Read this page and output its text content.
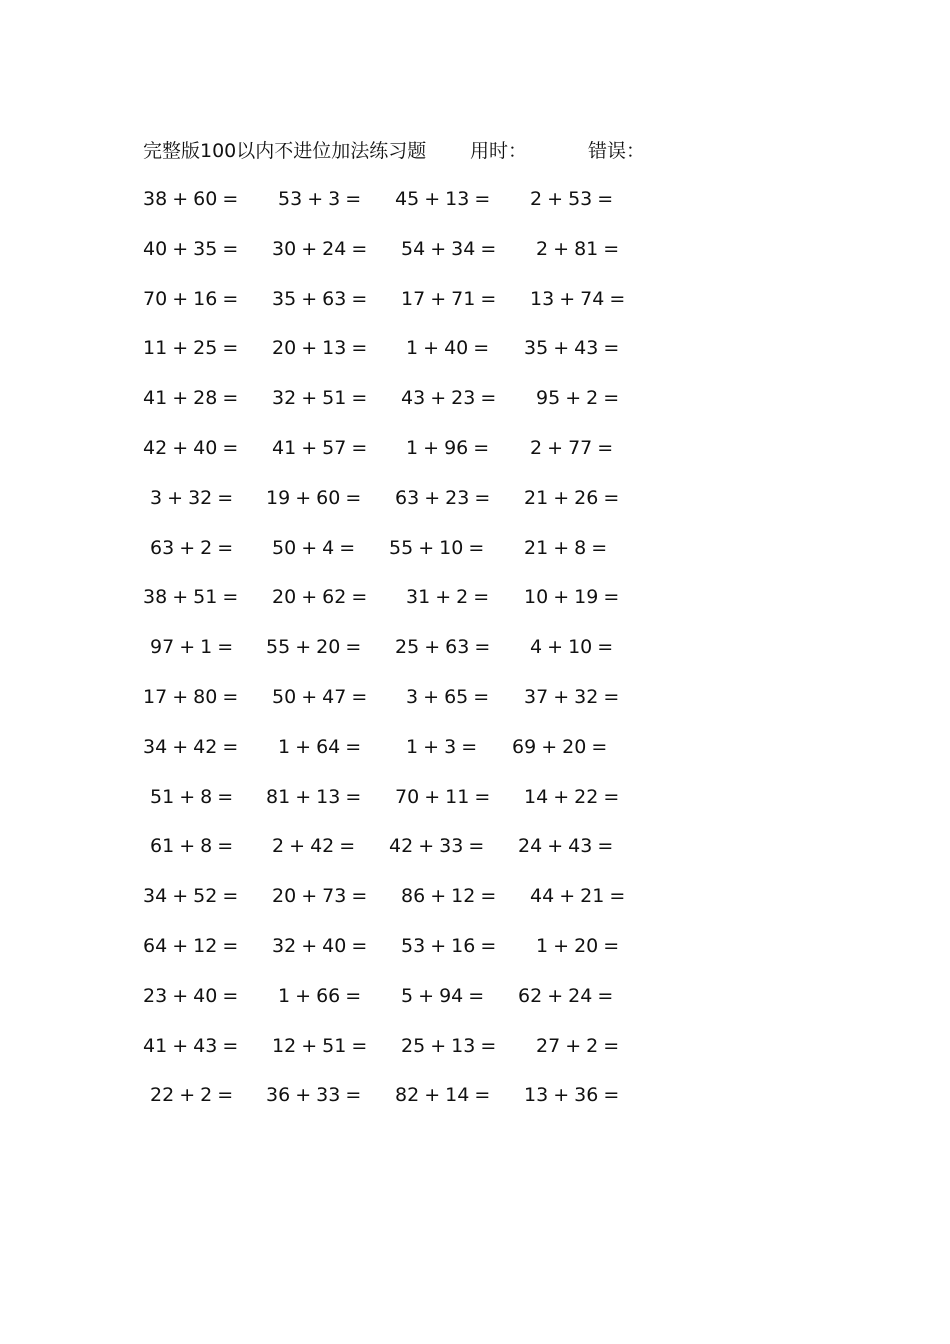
完整版100以内不进位加法练习题 用时：	错误：
38 + 60 = 53 + 3 = 45 + 13 = 2 + 53 =
40 + 35 = 30 + 24 = 54 + 34 = 2 + 81 =
70 + 16 = 35 + 63 = 17 + 71 = 13 + 74 =
11 + 25 = 20 + 13 = 1 + 40 = 35 + 43 =
41 + 28 = 32 + 51 = 43 + 23 = 95 + 2 =
42 + 40 = 41 + 57 = 1 + 96 = 2 + 77 =
3 + 32 = 19 + 60 = 63 + 23 = 21 + 26 =
63 + 2 = 50 + 4 = 55 + 10 = 21 + 8 =
38 + 51 = 20 + 62 = 31 + 2 = 10 + 19 =
97 + 1 = 55 + 20 = 25 + 63 = 4 + 10 =
17 + 80 = 50 + 47 = 3 + 65 = 37 + 32 =
34 + 42 = 1 + 64 = 1 + 3 = 69 + 20 =
51 + 8 = 81 + 13 = 70 + 11 = 14 + 22 =
61 + 8 = 2 + 42 = 42 + 33 = 24 + 43 =
34 + 52 = 20 + 73 = 86 + 12 = 44 + 21 =
64 + 12 = 32 + 40 = 53 + 16 = 1 + 20 =
23 + 40 = 1 + 66 = 5 + 94 = 62 + 24 =
41 + 43 = 12 + 51 = 25 + 13 = 27 + 2 =
22 + 2 = 36 + 33 = 82 + 14 = 13 + 36 =
